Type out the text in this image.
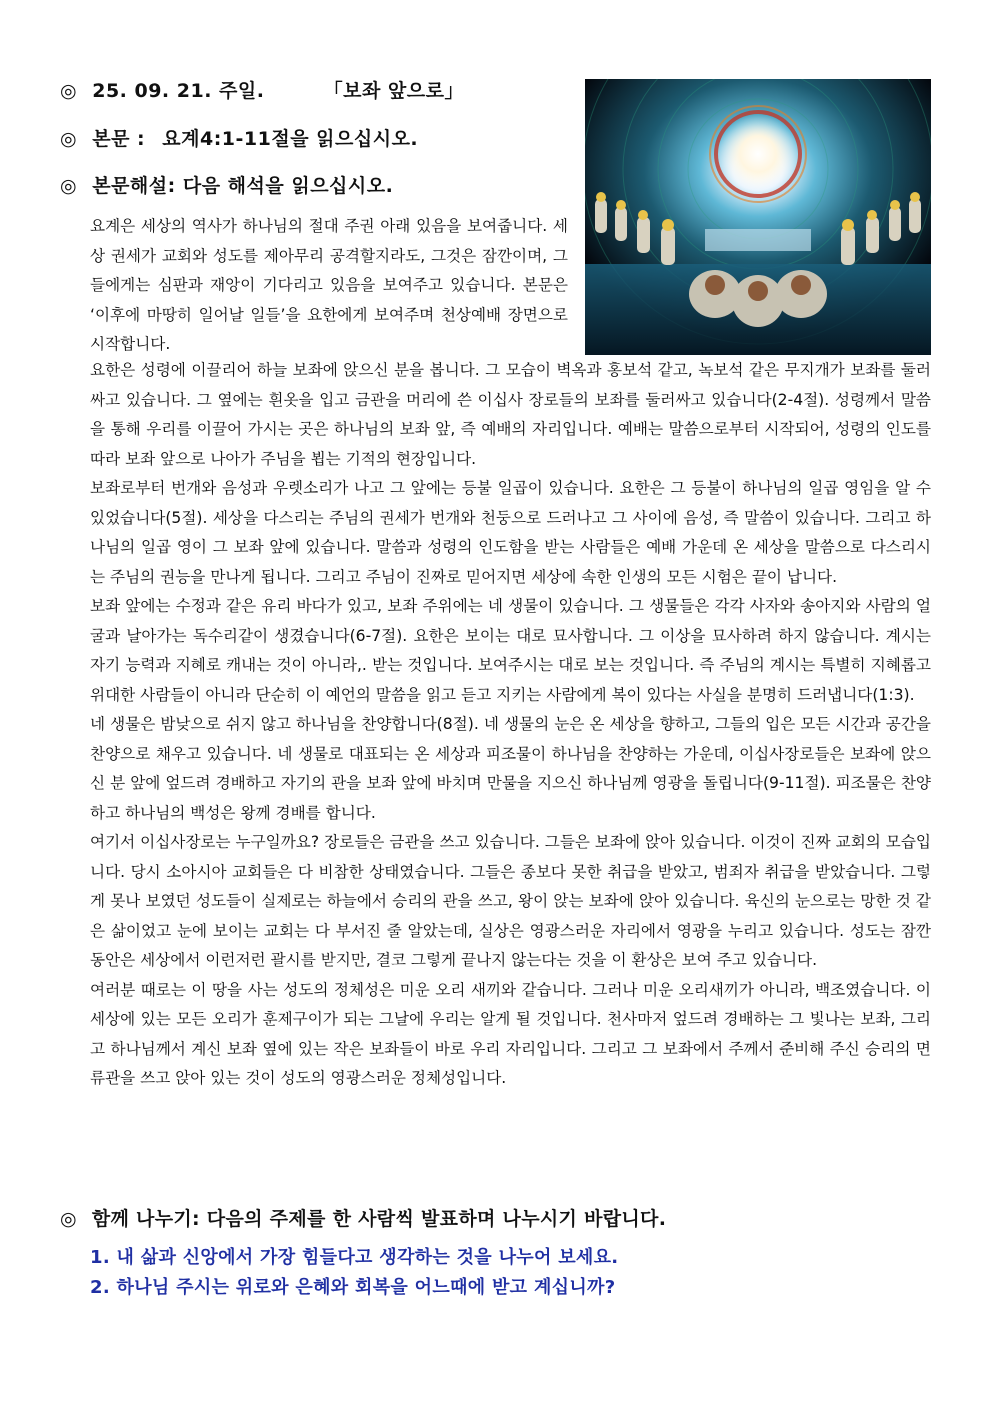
◎ 25. 09. 21. 주일.	「보좌 앞으로」
◎ 본문 : 요계4:1-11절을 읽으십시오.
◎ 본문해설: 다음 해석을 읽으십시오.

요계은 세상의 역사가 하나님의 절대 주권 아래 있음을 보여줍니다. 세상 권세가 교회와 성도를 제아무리 공격할지라도, 그것은 잠깐이며, 그들에게는 심판과 재앙이 기다리고 있음을 보여주고 있습니다. 본문은 ‘이후에 마땅히 일어날 일들’을 요한에게 보여주며 천상예배 장면으로 시작합니다.

요한은 성령에 이끌리어 하늘 보좌에 앉으신 분을 봅니다. 그 모습이 벽옥과 홍보석 같고, 녹보석 같은 무지개가 보좌를 둘러싸고 있습니다. 그 옆에는 흰옷을 입고 금관을 머리에 쓴 이십사 장로들의 보좌를 둘러싸고 있습니다(2-4절). 성령께서 말씀을 통해 우리를 이끌어 가시는 곳은 하나님의 보좌 앞, 즉 예배의 자리입니다. 예배는 말씀으로부터 시작되어, 성령의 인도를 따라 보좌 앞으로 나아가 주님을 뵙는 기적의 현장입니다.

보좌로부터 번개와 음성과 우렛소리가 나고 그 앞에는 등불 일곱이 있습니다. 요한은 그 등불이 하나님의 일곱 영임을 알 수 있었습니다(5절). 세상을 다스리는 주님의 권세가 번개와 천둥으로 드러나고 그 사이에 음성, 즉 말씀이 있습니다. 그리고 하나님의 일곱 영이 그 보좌 앞에 있습니다. 말씀과 성령의 인도함을 받는 사람들은 예배 가운데 온 세상을 말씀으로 다스리시는 주님의 권능을 만나게 됩니다. 그리고 주님이 진짜로 믿어지면 세상에 속한 인생의 모든 시험은 끝이 납니다.

보좌 앞에는 수정과 같은 유리 바다가 있고, 보좌 주위에는 네 생물이 있습니다. 그 생물들은 각각 사자와 송아지와 사람의 얼굴과 날아가는 독수리같이 생겼습니다(6-7절). 요한은 보이는 대로 묘사합니다. 그 이상을 묘사하려 하지 않습니다. 계시는 자기 능력과 지혜로 캐내는 것이 아니라,. 받는 것입니다. 보여주시는 대로 보는 것입니다. 즉 주님의 계시는 특별히 지혜롭고 위대한 사람들이 아니라 단순히 이 예언의 말씀을 읽고 듣고 지키는 사람에게 복이 있다는 사실을 분명히 드러냅니다(1:3).

네 생물은 밤낮으로 쉬지 않고 하나님을 찬양합니다(8절). 네 생물의 눈은 온 세상을 향하고, 그들의 입은 모든 시간과 공간을 찬양으로 채우고 있습니다. 네 생물로 대표되는 온 세상과 피조물이 하나님을 찬양하는 가운데, 이십사장로들은 보좌에 앉으신 분 앞에 엎드려 경배하고 자기의 관을 보좌 앞에 바치며 만물을 지으신 하나님께 영광을 돌립니다(9-11절). 피조물은 찬양하고 하나님의 백성은 왕께 경배를 합니다.

여기서 이십사장로는 누구일까요? 장로들은 금관을 쓰고 있습니다. 그들은 보좌에 앉아 있습니다. 이것이 진짜 교회의 모습입니다. 당시 소아시아 교회들은 다 비참한 상태였습니다. 그들은 종보다 못한 취급을 받았고, 범죄자 취급을 받았습니다. 그렇게 못나 보였던 성도들이 실제로는 하늘에서 승리의 관을 쓰고, 왕이 앉는 보좌에 앉아 있습니다. 육신의 눈으로는 망한 것 같은 삶이었고 눈에 보이는 교회는 다 부서진 줄 알았는데, 실상은 영광스러운 자리에서 영광을 누리고 있습니다. 성도는 잠깐 동안은 세상에서 이런저런 괄시를 받지만, 결코 그렇게 끝나지 않는다는 것을 이 환상은 보여 주고 있습니다.

여러분 때로는 이 땅을 사는 성도의 정체성은 미운 오리 새끼와 같습니다. 그러나 미운 오리새끼가 아니라, 백조였습니다. 이 세상에 있는 모든 오리가 훈제구이가 되는 그날에 우리는 알게 될 것입니다. 천사마저 엎드려 경배하는 그 빛나는 보좌, 그리고 하나님께서 계신 보좌 옆에 있는 작은 보좌들이 바로 우리 자리입니다. 그리고 그 보좌에서 주께서 준비해 주신 승리의 면류관을 쓰고 앉아 있는 것이 성도의 영광스러운 정체성입니다.

◎ 함께 나누기: 다음의 주제를 한 사람씩 발표하며 나누시기 바랍니다.
1. 내 삶과 신앙에서 가장 힘들다고 생각하는 것을 나누어 보세요.
2. 하나님 주시는 위로와 은혜와 회복을 어느때에 받고 계십니까?
